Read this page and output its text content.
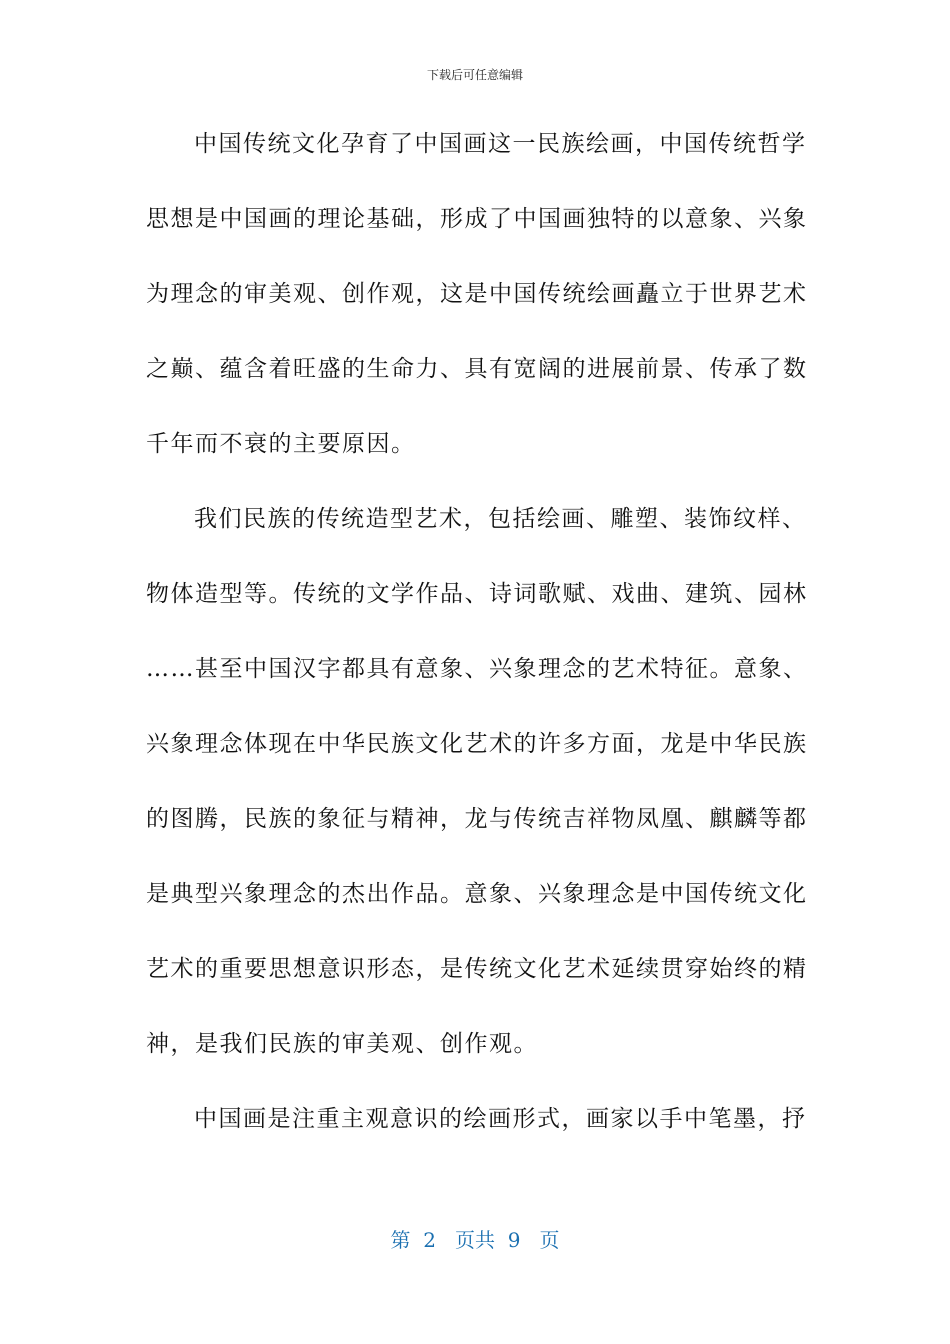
下载后可任意编辑
中国传统文化孕育了中国画这一民族绘画，中国传统哲学
思想是中国画的理论基础，形成了中国画独特的以意象、兴象
为理念的审美观、创作观，这是中国传统绘画矗立于世界艺术
之巅、蕴含着旺盛的生命力、具有宽阔的进展前景、传承了数
千年而不衰的主要原因。
我们民族的传统造型艺术，包括绘画、雕塑、装饰纹样、
物体造型等。传统的文学作品、诗词歌赋、戏曲、建筑、园林
……甚至中国汉字都具有意象、兴象理念的艺术特征。意象、
兴象理念体现在中华民族文化艺术的许多方面，龙是中华民族
的图腾，民族的象征与精神，龙与传统吉祥物凤凰、麒麟等都
是典型兴象理念的杰出作品。意象、兴象理念是中国传统文化
艺术的重要思想意识形态，是传统文化艺术延续贯穿始终的精
神，是我们民族的审美观、创作观。
中国画是注重主观意识的绘画形式，画家以手中笔墨，抒
第  2   页共  9   页
